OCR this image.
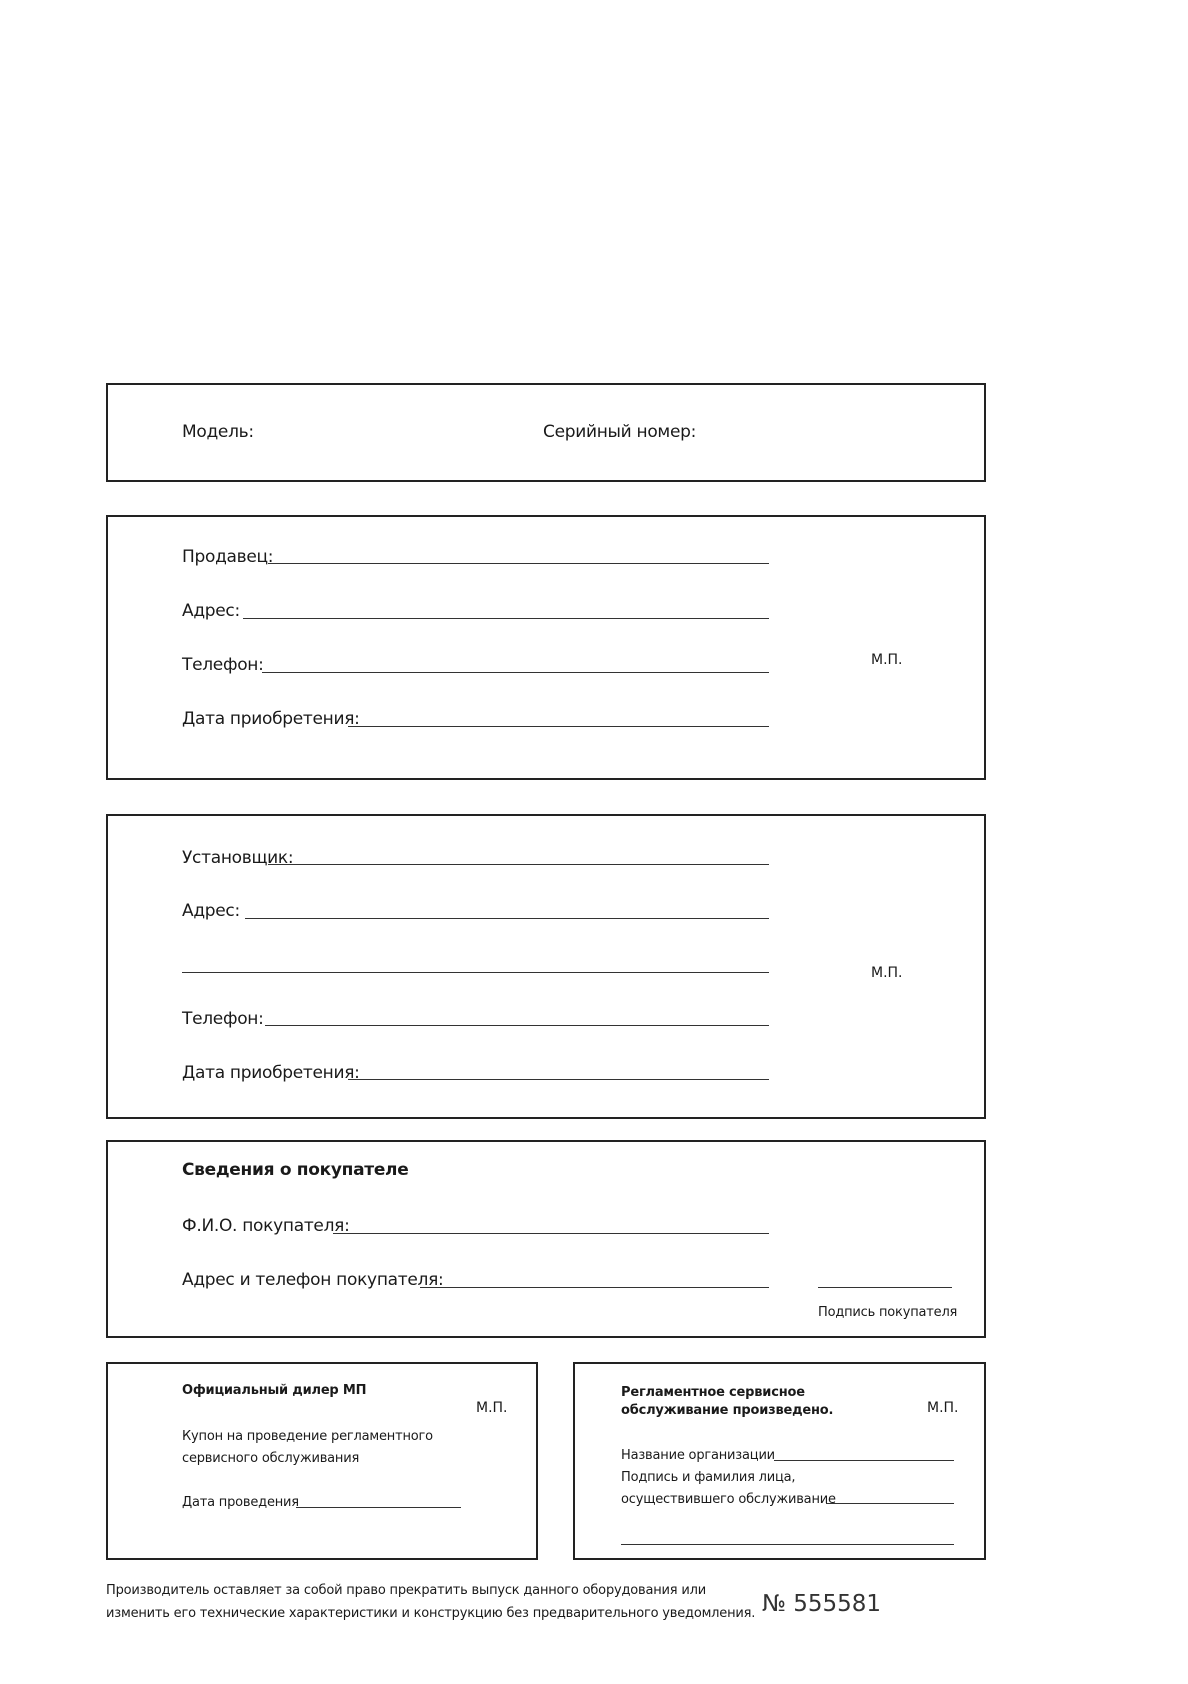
Модель:	Серийный номер:
Продавец:
Адрес:
Телефон:
Дата приобретения:
М.П.
Установщик:
Адрес:
М.П.
Телефон:
Дата приобретения:
Сведения о покупателе
Ф.И.О. покупателя:
Адрес и телефон покупателя:
Подпись покупателя
Официальный дилер МП
М.П.
Купон на проведение регламентного
сервисного обслуживания
Дата проведения
Регламентное сервисное
обслуживание произведено.	М.П.
Название организации
Подпись и фамилия лица,
осуществившего обслуживание
Производитель оставляет за собой право прекратить выпуск данного оборудования или
изменить его технические характеристики и конструкцию без предварительного уведомления. № 555581
